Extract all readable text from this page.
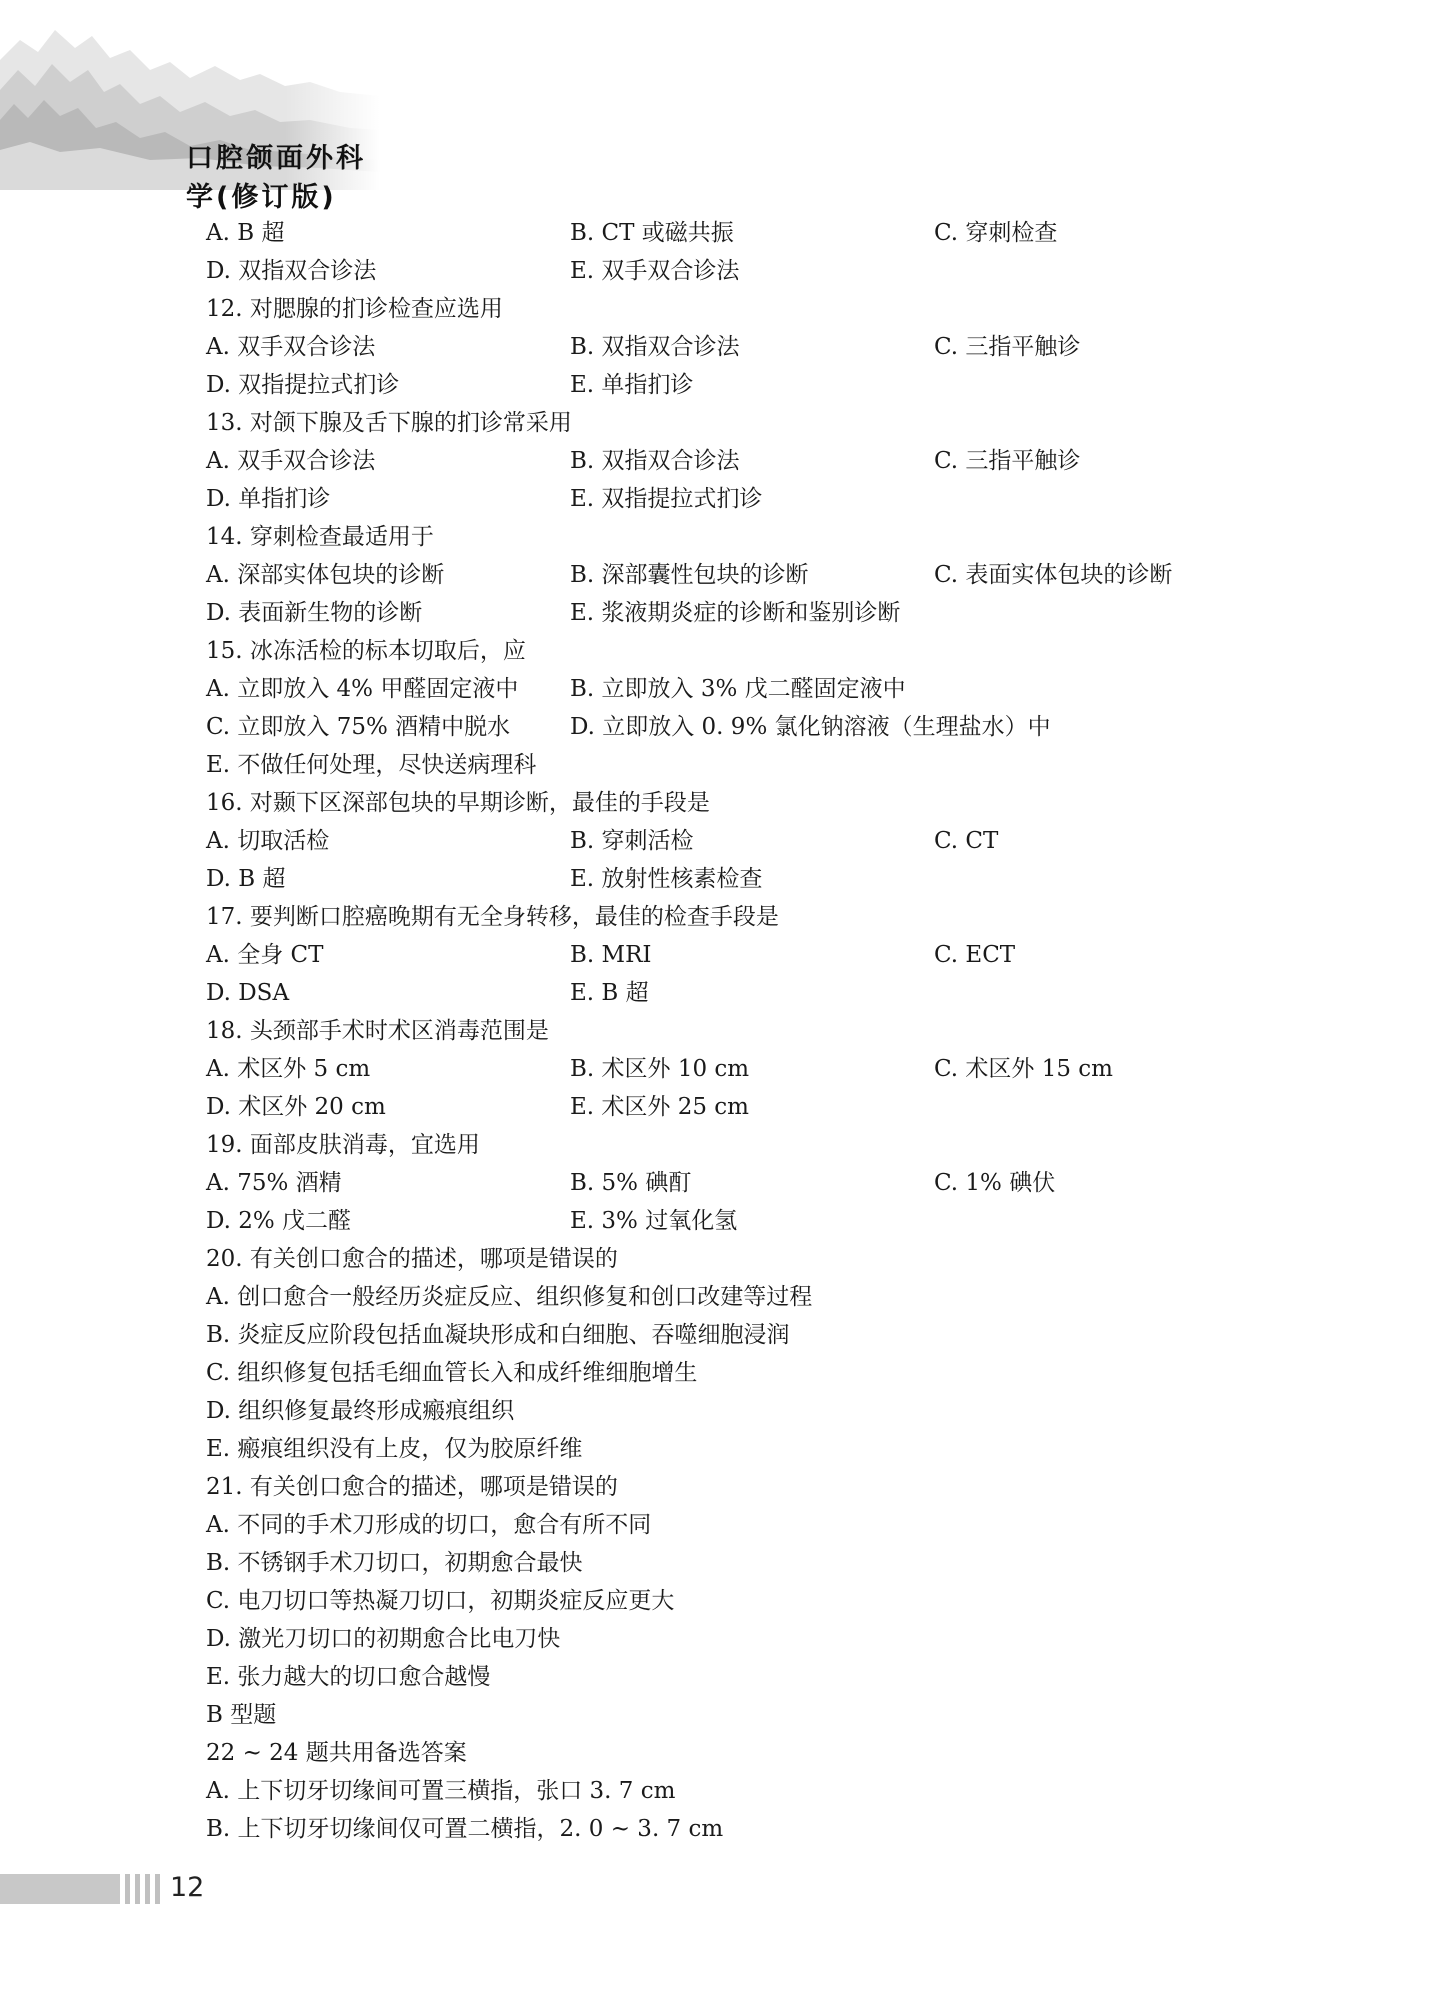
口腔颌面外科学(修订版)
A. B 超	B. CT 或磁共振	C. 穿刺检查
D. 双指双合诊法	E. 双手双合诊法
12. 对腮腺的扪诊检查应选用
A. 双手双合诊法	B. 双指双合诊法	C. 三指平触诊
D. 双指提拉式扪诊	E. 单指扪诊
13. 对颌下腺及舌下腺的扪诊常采用
A. 双手双合诊法	B. 双指双合诊法	C. 三指平触诊
D. 单指扪诊	E. 双指提拉式扪诊
14. 穿刺检查最适用于
A. 深部实体包块的诊断	B. 深部囊性包块的诊断	C. 表面实体包块的诊断
D. 表面新生物的诊断	E. 浆液期炎症的诊断和鉴别诊断
15. 冰冻活检的标本切取后，应
A. 立即放入 4% 甲醛固定液中 B. 立即放入 3% 戊二醛固定液中
C. 立即放入 75% 酒精中脱水	D. 立即放入 0. 9% 氯化钠溶液（生理盐水）中
E. 不做任何处理，尽快送病理科
16. 对颞下区深部包块的早期诊断，最佳的手段是
A. 切取活检	B. 穿刺活检	C. CT
D. B 超	E. 放射性核素检查
17. 要判断口腔癌晚期有无全身转移，最佳的检查手段是
A. 全身 CT	B. MRI	C. ECT
D. DSA	E. B 超
18. 头颈部手术时术区消毒范围是
A. 术区外 5 cm	B. 术区外 10 cm	C. 术区外 15 cm
D. 术区外 20 cm	E. 术区外 25 cm
19. 面部皮肤消毒，宜选用
A. 75% 酒精	B. 5% 碘酊	C. 1% 碘伏
D. 2% 戊二醛	E. 3% 过氧化氢
20. 有关创口愈合的描述，哪项是错误的
A. 创口愈合一般经历炎症反应、组织修复和创口改建等过程
B. 炎症反应阶段包括血凝块形成和白细胞、吞噬细胞浸润
C. 组织修复包括毛细血管长入和成纤维细胞增生
D. 组织修复最终形成瘢痕组织
E. 瘢痕组织没有上皮，仅为胶原纤维
21. 有关创口愈合的描述，哪项是错误的
A. 不同的手术刀形成的切口，愈合有所不同
B. 不锈钢手术刀切口，初期愈合最快
C. 电刀切口等热凝刀切口，初期炎症反应更大
D. 激光刀切口的初期愈合比电刀快
E. 张力越大的切口愈合越慢
B 型题
22 ~ 24 题共用备选答案
A. 上下切牙切缘间可置三横指，张口 3. 7 cm
B. 上下切牙切缘间仅可置二横指，2. 0 ~ 3. 7 cm
12
